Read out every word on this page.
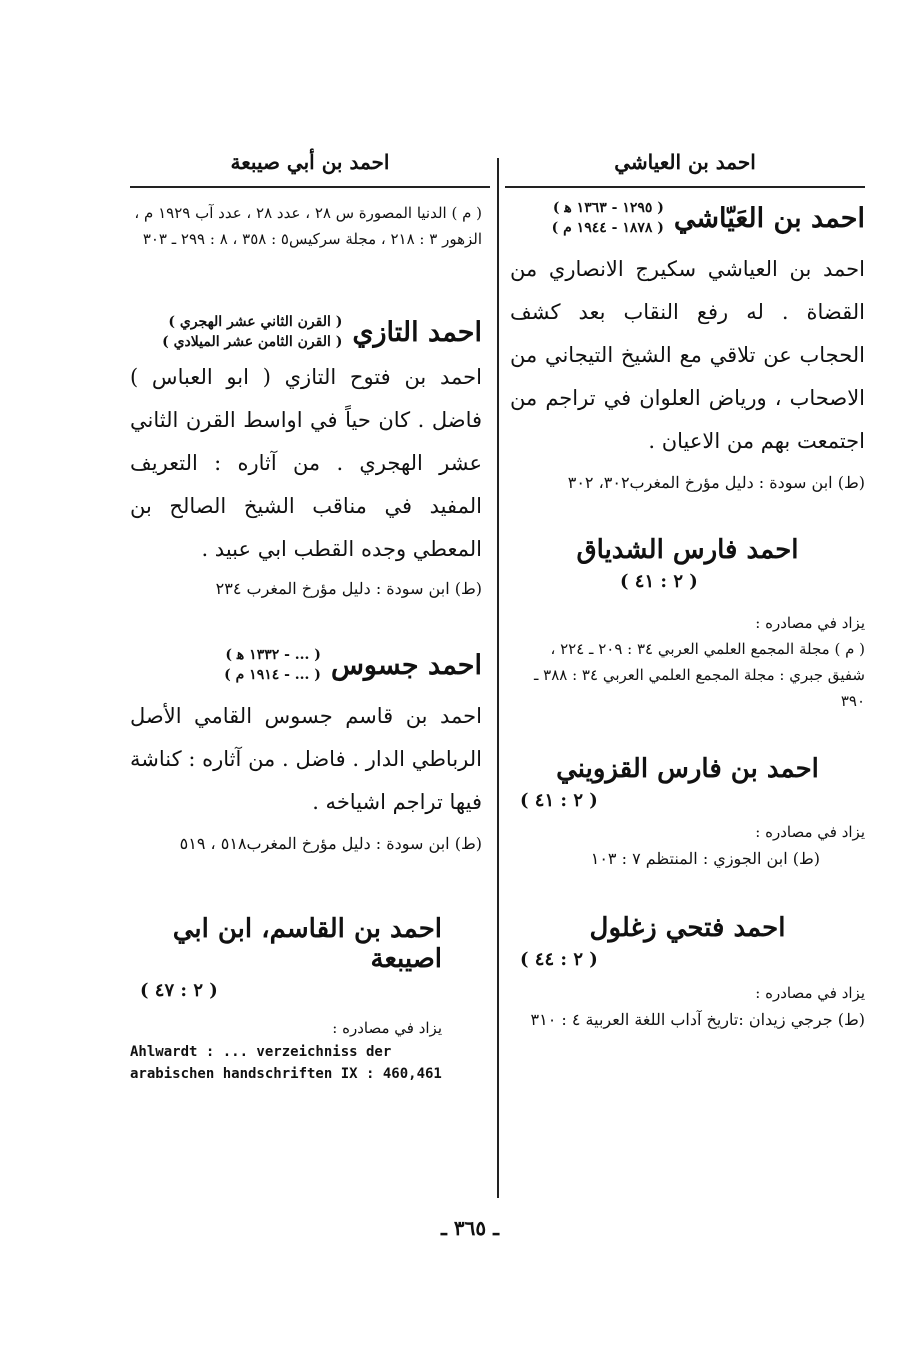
احمد بن العياشي
احمد بن أبي صيبعة
احمد بن العَيّاشي
( ١٢٩٥ - ١٣٦٣ ﻫ )
( ١٨٧٨ - ١٩٤٤ م )

احمد بن العياشي سكيرج الانصاري من القضاة . له رفع النقاب بعد كشف الحجاب عن تلاقي مع الشيخ التيجاني من الاصحاب ، ورياض العلوان في تراجم من اجتمعت بهم من الاعيان .

(ط) ابن سودة : دليل مؤرخ المغرب٣٠٢، ٣٠٢

احمد فارس الشدياق
( ٢ : ٤١ )

يزاد في مصادره :

( م ) مجلة المجمع العلمي العربي ٣٤ : ٢٠٩ ـ ٢٢٤ ، شفيق جبري : مجلة المجمع العلمي العربي ٣٤ : ٣٨٨ ـ ٣٩٠

احمد بن فارس القزويني
( ٢ : ٤١ )

يزاد في مصادره :

(ط) ابن الجوزي : المنتظم ٧ : ١٠٣

احمد فتحي زغلول
( ٢ : ٤٤ )

يزاد في مصادره :

(ط) جرجي زيدان :تاريخ آداب اللغة العربية ٤ : ٣١٠

( م ) الدنيا المصورة س ٢٨ ، عدد ٢٨ ، عدد آب ١٩٢٩ م ، الزهور ٣ : ٢١٨ ، مجلة سركيس٥ : ٣٥٨ ، ٨ : ٢٩٩ ـ ٣٠٣

احمد التازي
( القرن الثاني عشر الهجري )
( القرن الثامن عشر الميلادي )

احمد بن فتوح التازي ( ابو العباس ) فاضل . كان حياً في اواسط القرن الثاني عشر الهجري . من آثاره : التعريف المفيد في مناقب الشيخ الصالح بن المعطي وجده القطب ابي عبيد .

(ط) ابن سودة : دليل مؤرخ المغرب ٢٣٤

احمد جسوس
( ... - ١٣٣٢ ﻫ )
( ... - ١٩١٤ م )

احمد بن قاسم جسوس القامي الأصل الرباطي الدار . فاضل . من آثاره : كناشة فيها تراجم اشياخه .

(ط) ابن سودة : دليل مؤرخ المغرب٥١٨ ، ٥١٩

احمد بن القاسم، ابن ابي اصيبعة
( ٢ : ٤٧ )

يزاد في مصادره :

Ahlwardt : ... verzeichniss der arabischen handschriften IX : 460,461

ـ ٣٦٥ ـ
